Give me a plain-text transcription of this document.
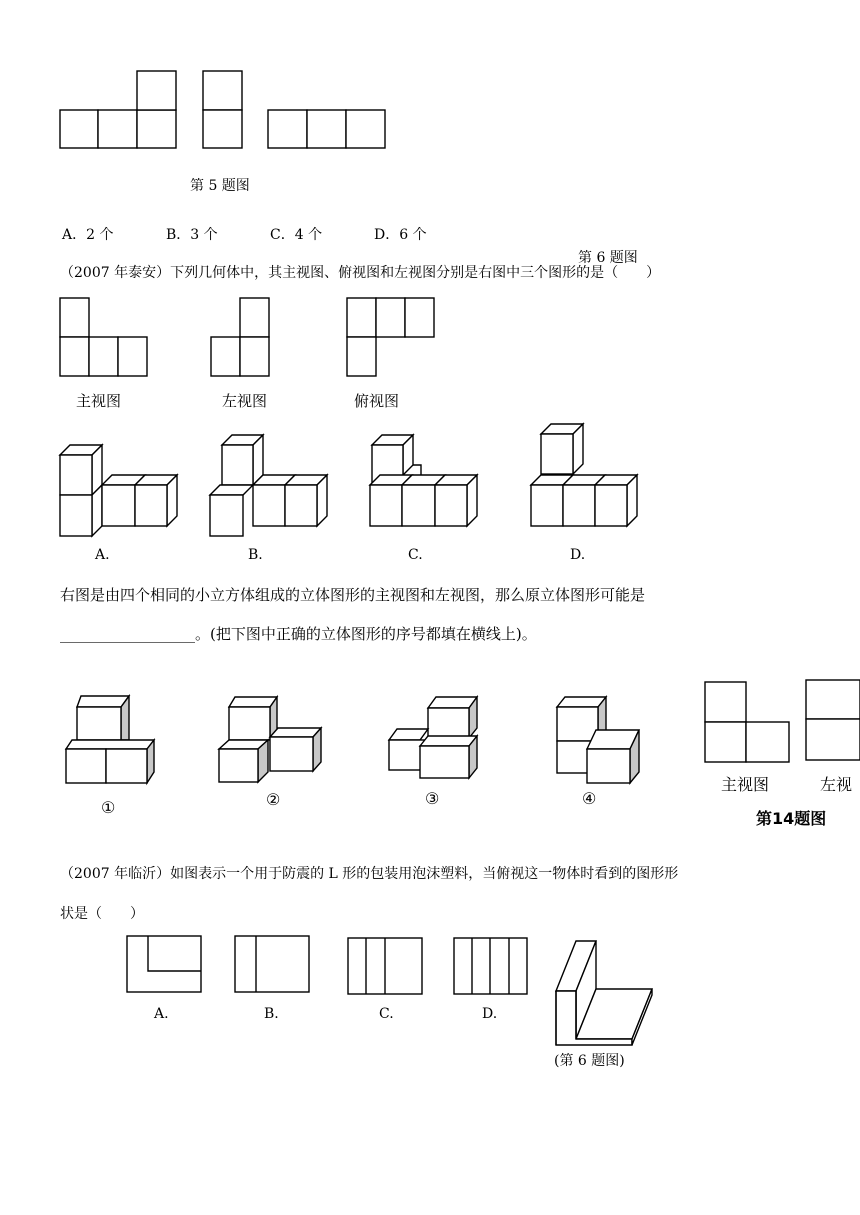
第 5 题图
A．2 个	B．3 个	C．4 个	D．6 个
第 6 题图
（2007 年泰安）下列几何体中，其主视图、俯视图和左视图分别是右图中三个图形的是（　　）
主视图	左视图	俯视图
A.	B.	C.	D.
右图是由四个相同的小立方体组成的立体图形的主视图和左视图，那么原立体图形可能是
__________________。(把下图中正确的立体图形的序号都填在横线上)。
①	②	③	④
主视图	左视
第14题图
（2007 年临沂）如图表示一个用于防震的 L 形的包装用泡沫塑料，当俯视这一物体时看到的图形形
状是（　　）
A.	B.	C.	D.
(第 6 题图)
